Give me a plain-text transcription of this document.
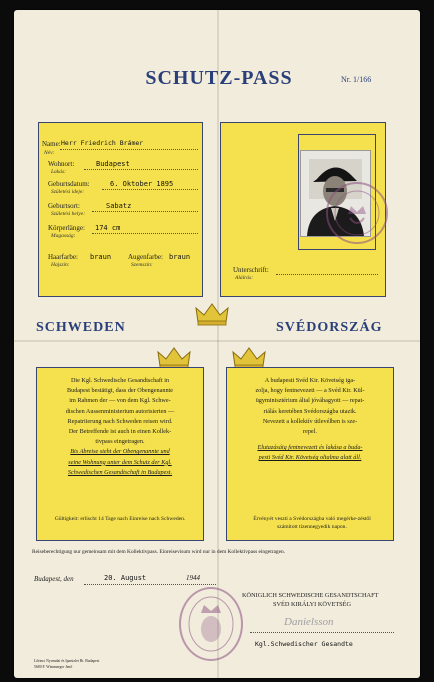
SCHUTZ-PASS	Nr. 1/166
Name:
Név:
Herr Friedrich Brámer
Wohnort:
Lakás:
Budapest
Geburtsdatum:
Születési ideje:
6. Oktober 1895
Geburtsort:
Születési helye:
Sabatz
Körperlänge:
Magasság:
174 cm
Haarfarbe:
Hajszín:
braun Augenfarbe:
Szemszín:
braun
Unterschrift:
Aláírás:
SCHWEDEN	SVÉDORSZÁG
Die Kgl. Schwedische Gesandtschaft in
Budapest bestätigt, dass der Obengenannte
im Rahmen der — von dem Kgl. Schwe-
dischen Aussenministerium autorisierten —
Repatriierung nach Schweden reisen wird.
Der Betreffende ist auch in einen Kollek-
tivpass eingetragen.
Bis Abreise steht der Obengenannte und
seine Wohnung unter dem Schutz der Kgl.
Schwedischen Gesandtschaft in Budapest.
Gültigkeit: erlischt 14 Tage nach Einreise nach Schweden.
A budapesti Svéd Kir. Követség iga-
zolja, hogy fentnevezett — a Svéd Kir. Kül-
ügyminisztérium által jóváhagyott — repat-
riálás keretében Svédországba utazik.
Nevezett a kollektív útlevélben is sze-
repel.
Elutazásáig fentnevezett és lakása a buda-
pesti Svéd Kir. Követség oltalma alatt áll.
Érvényét veszti a Svédországba való megérke-zéstől számított tizennegyedik napon.
Reiseberechtigung nur gemeinsam mit dem Kollektivpass. Einreisevisum wird nur in dem Kollektivpass eingetragen.
Budapest, den	20. August	1944
KÖNIGLICH SCHWEDISCHE GESANDTSCHAFT
SVÉD KIRÁLYI KÖVETSÉG
Danielsson
Kgl.Schwedischer Gesandte
Lőrinci Nyomdai és Iparüzlet Rt. Budapest
5680 F. Wimmerger Jenő
